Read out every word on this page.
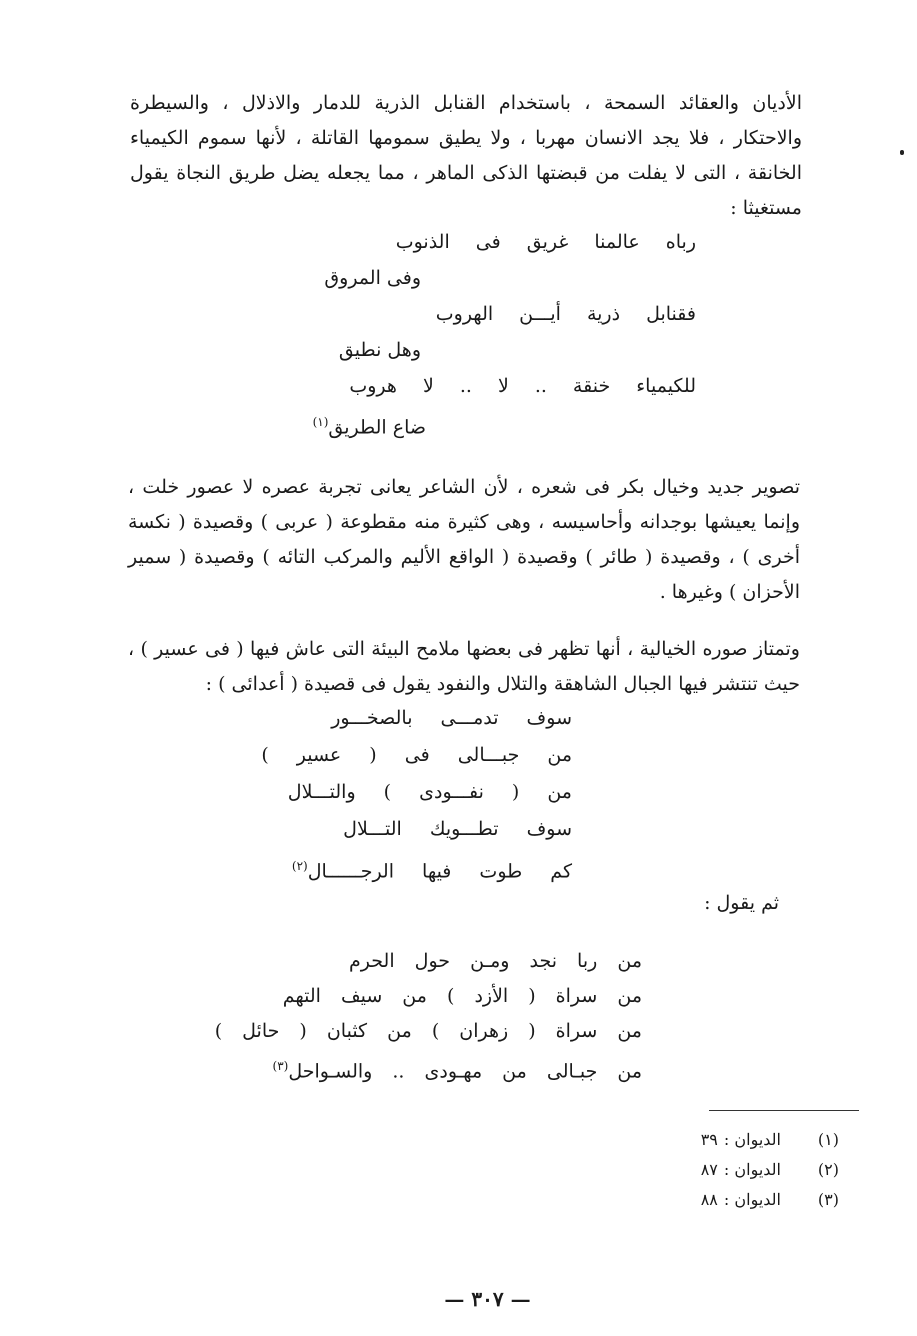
الأديان والعقائد السمحة ، باستخدام القنابل الذرية للدمار والاذلال ، والسيطرة والاحتكار ، فلا يجد الانسان مهربا ، ولا يطيق سمومها القاتلة ، لأنها سموم الكيمياء الخانقة ، التى لا يفلت من قبضتها الذكى الماهر ، مما يجعله يضل طريق النجاة يقول مستغيثا :

رباه عالمنا غريق فى الذنوب
وفى المروق
فقنابل ذرية أيـــن الهروب
وهل نطيق
للكيمياء خنقة .. لا .. لا هروب
ضاع الطريق$^{(١)}$

تصوير جديد وخيال بكر فى شعره ، لأن الشاعر يعانى تجربة عصره لا عصور خلت ، وإنما يعيشها بوجدانه وأحاسيسه ، وهى كثيرة منه مقطوعة ( عربى ) وقصيدة ( نكسة أخرى ) ، وقصيدة ( طائر ) وقصيدة ( الواقع الأليم والمركب التائه ) وقصيدة ( سمير الأحزان ) وغيرها .

وتمتاز صوره الخيالية ، أنها تظهر فى بعضها ملامح البيئة التى عاش فيها ( فى عسير ) ، حيث تنتشر فيها الجبال الشاهقة والتلال والنفود يقول فى قصيدة ( أعدائى ) :

سوف تدمـــى بالصخـــور
من جبـــالى فى ( عسير )
من ( نفـــودى ) والتـــلال
سوف تطـــويك التـــلال
كم طوت فيها الرجــــــال$^{(٢)}$

ثم يقول :

من ربا نجد ومـن حول الحرم
من سراة ( الأزد ) من سيف التهم
من سراة ( زهران ) من كثبان ( حائل )
من جبـالى من مهـودى .. والسـواحل$^{(٣)}$
(١)الديوان :٣٩
(٢)الديوان :٨٧
(٣)الديوان :٨٨
— ٣٠٧ —
